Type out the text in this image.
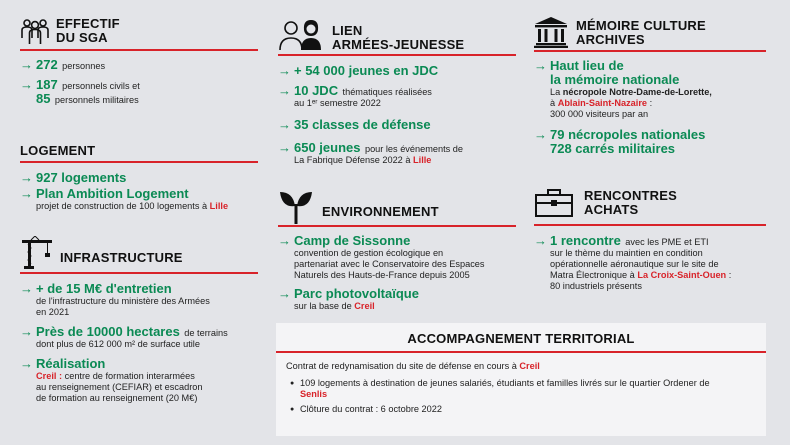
EFFECTIF
DU SGA
→ 272 personnes
→ 187 personnels civils et
85 personnels militaires
LOGEMENT
→ 927 logements
→ Plan Ambition Logement
projet de construction de 100 logements à Lille
INFRASTRUCTURE
→ + de 15 M€ d'entretien
de l'infrastructure du ministère des Armées
en 2021
→ Près de 10000 hectares de terrains
dont plus de 612 000 m² de surface utile
→ Réalisation
Creil : centre de formation interarmées
au renseignement (CEFIAR) et escadron
de formation au renseignement (20 M€)
LIEN
ARMÉES-JEUNESSE
→ + 54 000 jeunes en JDC
→ 10 JDC thématiques réalisées
au 1ᵉʳ semestre 2022
→ 35 classes de défense
→ 650 jeunes pour les événements de
La Fabrique Défense 2022 à Lille
ENVIRONNEMENT
→ Camp de Sissonne
convention de gestion écologique en
partenariat avec le Conservatoire des Espaces
Naturels des Hauts-de-France depuis 2005
→ Parc photovoltaïque
sur la base de Creil
MÉMOIRE CULTURE
ARCHIVES
→ Haut lieu de
la mémoire nationale
La nécropole Notre-Dame-de-Lorette,
à Ablain-Saint-Nazaire :
300 000 visiteurs par an
→ 79 nécropoles nationales
728 carrés militaires
RENCONTRES
ACHATS
→ 1 rencontre avec les PME et ETI
sur le thème du maintien en condition
opérationnelle aéronautique sur le site de
Matra Électronique à La Croix-Saint-Ouen :
80 industriels présents
ACCOMPAGNEMENT TERRITORIAL
Contrat de redynamisation du site de défense en cours à Creil
● 109 logements à destination de jeunes salariés, étudiants et familles livrés sur le quartier Ordener de
Senlis
● Clôture du contrat : 6 octobre 2022
